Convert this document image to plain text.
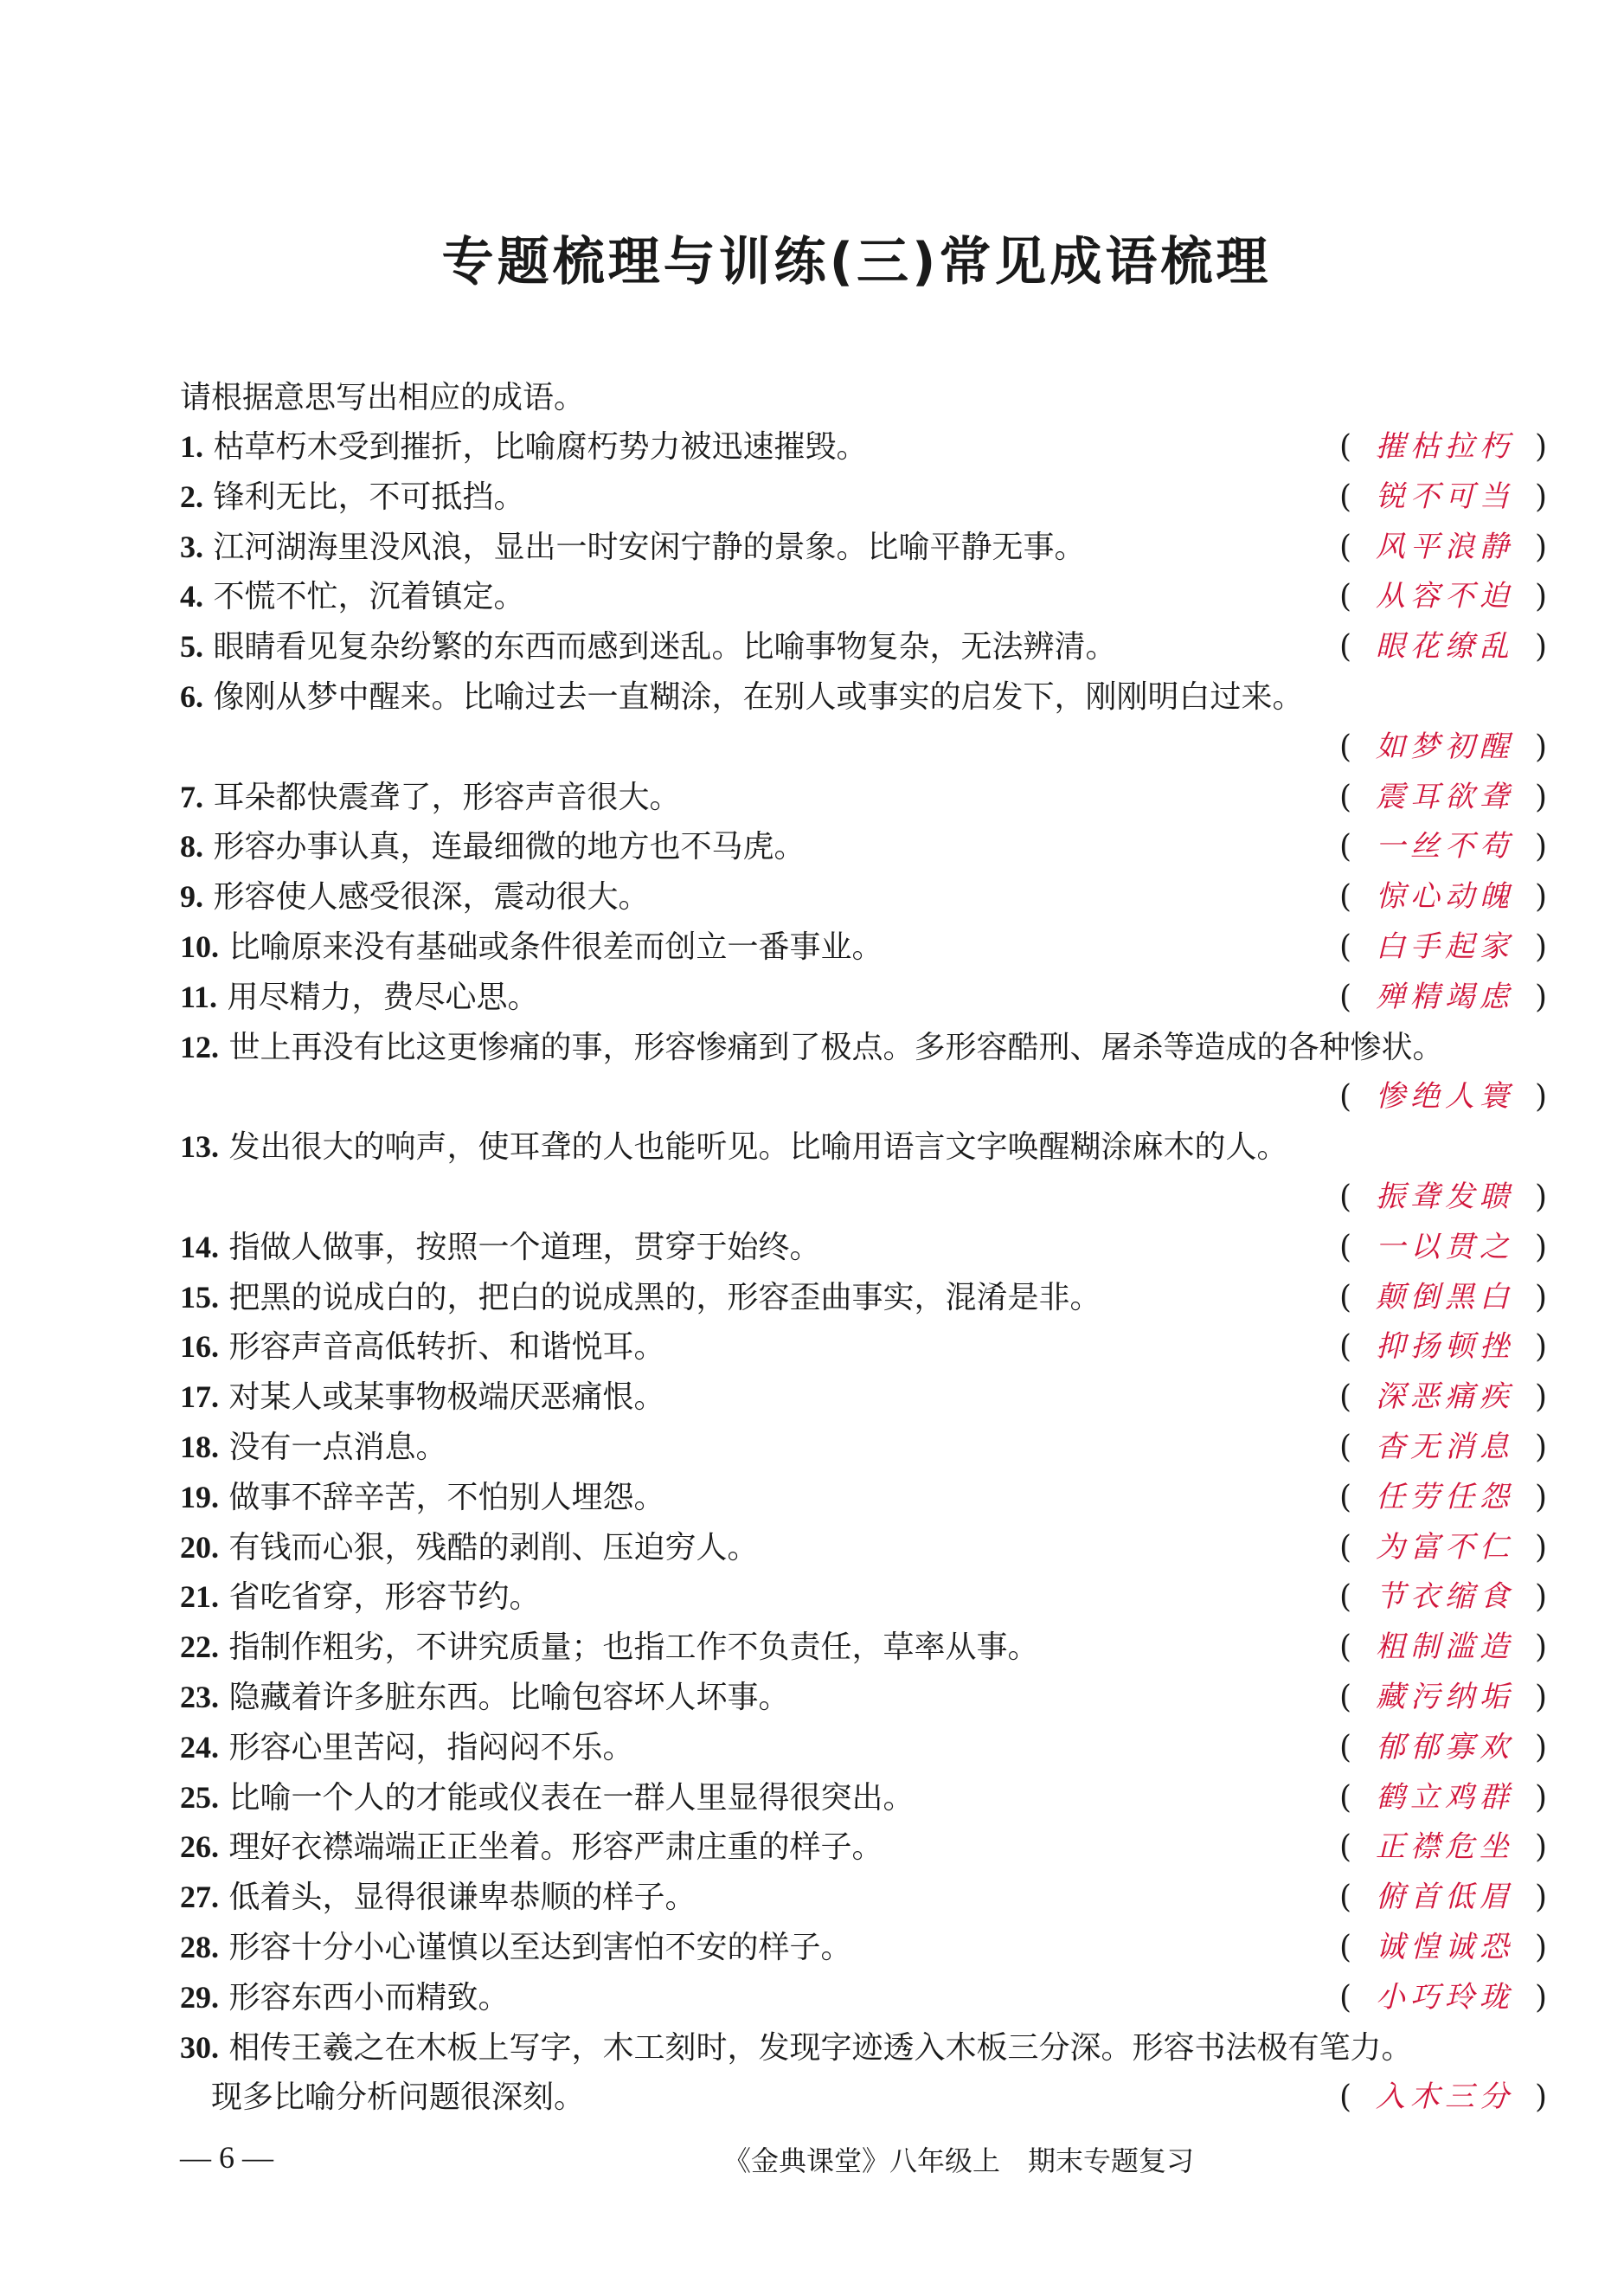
专题梳理与训练(三)常见成语梳理
请根据意思写出相应的成语。
1. 枯草朽木受到摧折，比喻腐朽势力被迅速摧毁。	( 摧枯拉朽 )
2. 锋利无比，不可抵挡。	( 锐不可当 )
3. 江河湖海里没风浪，显出一时安闲宁静的景象。比喻平静无事。	( 风平浪静 )
4. 不慌不忙，沉着镇定。	( 从容不迫 )
5. 眼睛看见复杂纷繁的东西而感到迷乱。比喻事物复杂，无法辨清。	( 眼花缭乱 )
6. 像刚从梦中醒来。比喻过去一直糊涂，在别人或事实的启发下，刚刚明白过来。
( 如梦初醒 )
7. 耳朵都快震聋了，形容声音很大。	( 震耳欲聋 )
8. 形容办事认真，连最细微的地方也不马虎。	( 一丝不苟 )
9. 形容使人感受很深，震动很大。	( 惊心动魄 )
10. 比喻原来没有基础或条件很差而创立一番事业。	( 白手起家 )
11. 用尽精力，费尽心思。	( 殚精竭虑 )
12. 世上再没有比这更惨痛的事，形容惨痛到了极点。多形容酷刑、屠杀等造成的各种惨状。
( 惨绝人寰 )
13. 发出很大的响声，使耳聋的人也能听见。比喻用语言文字唤醒糊涂麻木的人。
( 振聋发聩 )
14. 指做人做事，按照一个道理，贯穿于始终。	( 一以贯之 )
15. 把黑的说成白的，把白的说成黑的，形容歪曲事实，混淆是非。	( 颠倒黑白 )
16. 形容声音高低转折、和谐悦耳。	( 抑扬顿挫 )
17. 对某人或某事物极端厌恶痛恨。	( 深恶痛疾 )
18. 没有一点消息。	( 杳无消息 )
19. 做事不辞辛苦，不怕别人埋怨。	( 任劳任怨 )
20. 有钱而心狠，残酷的剥削、压迫穷人。	( 为富不仁 )
21. 省吃省穿，形容节约。	( 节衣缩食 )
22. 指制作粗劣，不讲究质量；也指工作不负责任，草率从事。	( 粗制滥造 )
23. 隐藏着许多脏东西。比喻包容坏人坏事。	( 藏污纳垢 )
24. 形容心里苦闷，指闷闷不乐。	( 郁郁寡欢 )
25. 比喻一个人的才能或仪表在一群人里显得很突出。	( 鹤立鸡群 )
26. 理好衣襟端端正正坐着。形容严肃庄重的样子。	( 正襟危坐 )
27. 低着头，显得很谦卑恭顺的样子。	( 俯首低眉 )
28. 形容十分小心谨慎以至达到害怕不安的样子。	( 诚惶诚恐 )
29. 形容东西小而精致。	( 小巧玲珑 )
30. 相传王羲之在木板上写字，木工刻时，发现字迹透入木板三分深。形容书法极有笔力。
现多比喻分析问题很深刻。	( 入木三分 )
— 6 —	《金典课堂》八年级上　期末专题复习
